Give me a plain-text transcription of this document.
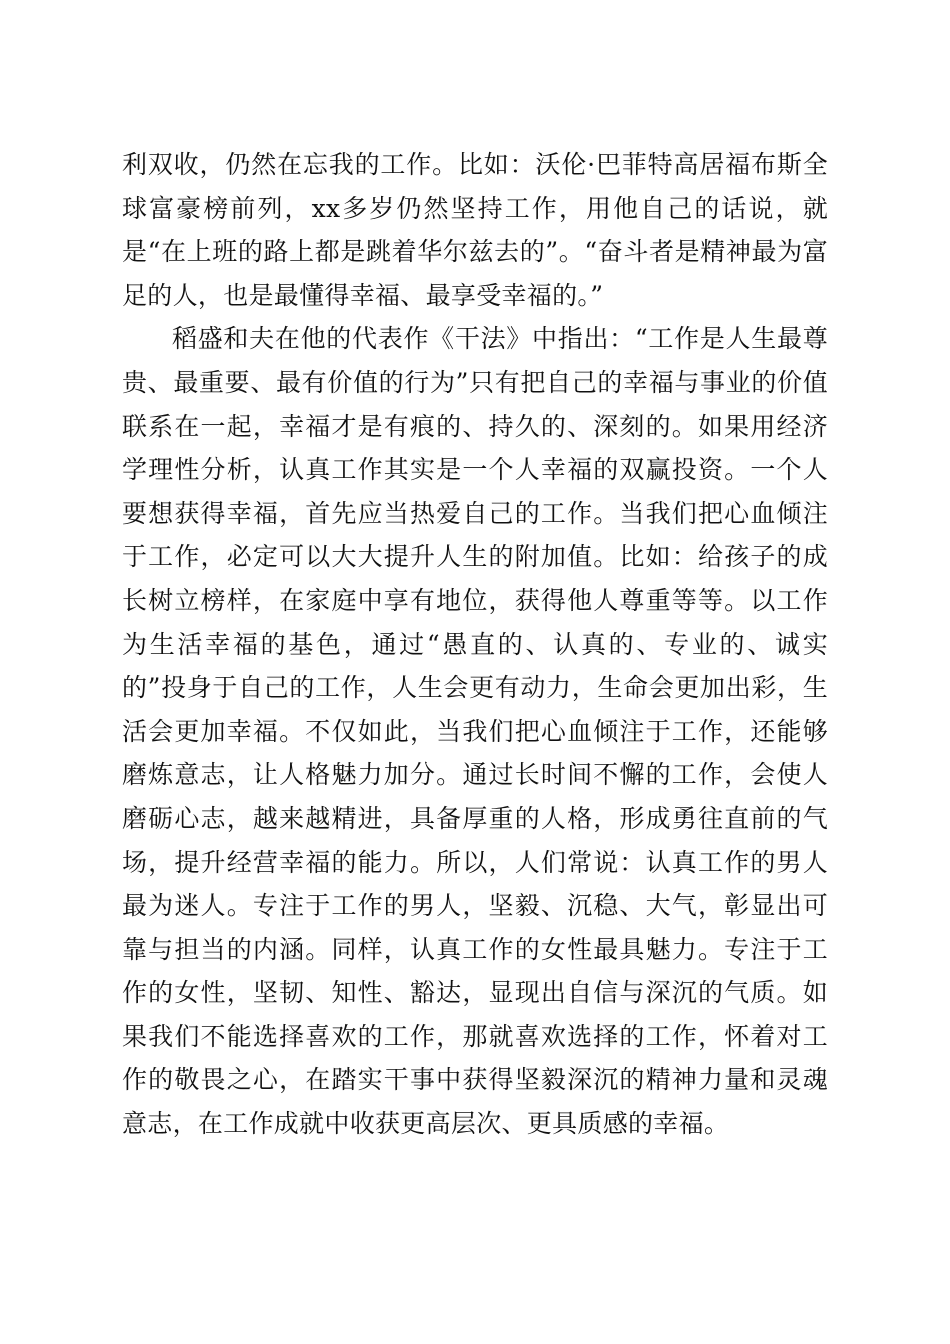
利双收，仍然在忘我的工作。比如：沃伦·巴菲特高居福布斯全球富豪榜前列，xx多岁仍然坚持工作，用他自己的话说，就是“在上班的路上都是跳着华尔兹去的”。“奋斗者是精神最为富足的人，也是最懂得幸福、最享受幸福的。”

稻盛和夫在他的代表作《干法》中指出：“工作是人生最尊贵、最重要、最有价值的行为”只有把自己的幸福与事业的价值联系在一起，幸福才是有痕的、持久的、深刻的。如果用经济学理性分析，认真工作其实是一个人幸福的双赢投资。一个人要想获得幸福，首先应当热爱自己的工作。当我们把心血倾注于工作，必定可以大大提升人生的附加值。比如：给孩子的成长树立榜样，在家庭中享有地位，获得他人尊重等等。以工作为生活幸福的基色，通过“愚直的、认真的、专业的、诚实的”投身于自己的工作，人生会更有动力，生命会更加出彩，生活会更加幸福。不仅如此，当我们把心血倾注于工作，还能够磨炼意志，让人格魅力加分。通过长时间不懈的工作，会使人磨砺心志，越来越精进，具备厚重的人格，形成勇往直前的气场，提升经营幸福的能力。所以，人们常说：认真工作的男人最为迷人。专注于工作的男人，坚毅、沉稳、大气，彰显出可靠与担当的内涵。同样，认真工作的女性最具魅力。专注于工作的女性，坚韧、知性、豁达，显现出自信与深沉的气质。如果我们不能选择喜欢的工作，那就喜欢选择的工作，怀着对工作的敬畏之心，在踏实干事中获得坚毅深沉的精神力量和灵魂意志，在工作成就中收获更高层次、更具质感的幸福。
